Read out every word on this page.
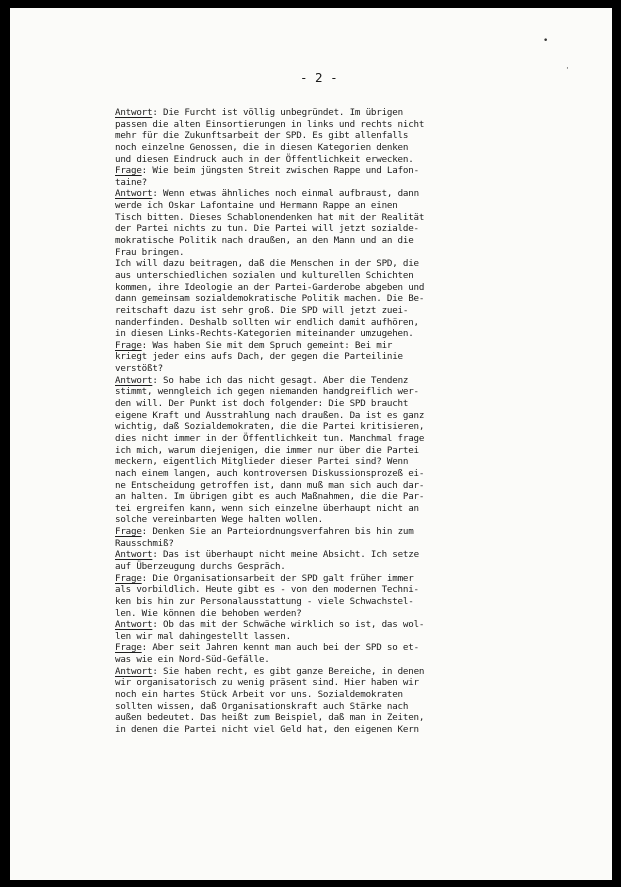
•
·
- 2 -
Antwort: Die Furcht ist völlig unbegründet. Im übrigen
passen die alten Einsortierungen in links und rechts nicht
mehr für die Zukunftsarbeit der SPD. Es gibt allenfalls
noch einzelne Genossen, die in diesen Kategorien denken
und diesen Eindruck auch in der Öffentlichkeit erwecken.
Frage: Wie beim jüngsten Streit zwischen Rappe und Lafon-
taine?
Antwort: Wenn etwas ähnliches noch einmal aufbraust, dann
werde ich Oskar Lafontaine und Hermann Rappe an einen
Tisch bitten. Dieses Schablonendenken hat mit der Realität
der Partei nichts zu tun. Die Partei will jetzt sozialde-
mokratische Politik nach draußen, an den Mann und an die
Frau bringen.
Ich will dazu beitragen, daß die Menschen in der SPD, die
aus unterschiedlichen sozialen und kulturellen Schichten
kommen, ihre Ideologie an der Partei-Garderobe abgeben und
dann gemeinsam sozialdemokratische Politik machen. Die Be-
reitschaft dazu ist sehr groß. Die SPD will jetzt zuei-
nanderfinden. Deshalb sollten wir endlich damit aufhören,
in diesen Links-Rechts-Kategorien miteinander umzugehen.
Frage: Was haben Sie mit dem Spruch gemeint: Bei mir
kriegt jeder eins aufs Dach, der gegen die Parteilinie
verstößt?
Antwort: So habe ich das nicht gesagt. Aber die Tendenz
stimmt, wenngleich ich gegen niemanden handgreiflich wer-
den will. Der Punkt ist doch folgender: Die SPD braucht
eigene Kraft und Ausstrahlung nach draußen. Da ist es ganz
wichtig, daß Sozialdemokraten, die die Partei kritisieren,
dies nicht immer in der Öffentlichkeit tun. Manchmal frage
ich mich, warum diejenigen, die immer nur über die Partei
meckern, eigentlich Mitglieder dieser Partei sind? Wenn
nach einem langen, auch kontroversen Diskussionsprozeß ei-
ne Entscheidung getroffen ist, dann muß man sich auch dar-
an halten. Im übrigen gibt es auch Maßnahmen, die die Par-
tei ergreifen kann, wenn sich einzelne überhaupt nicht an
solche vereinbarten Wege halten wollen.
Frage: Denken Sie an Parteiordnungsverfahren bis hin zum
Rausschmiß?
Antwort: Das ist überhaupt nicht meine Absicht. Ich setze
auf Überzeugung durchs Gespräch.
Frage: Die Organisationsarbeit der SPD galt früher immer
als vorbildlich. Heute gibt es - von den modernen Techni-
ken bis hin zur Personalausstattung - viele Schwachstel-
len. Wie können die behoben werden?
Antwort: Ob das mit der Schwäche wirklich so ist, das wol-
len wir mal dahingestellt lassen.
Frage: Aber seit Jahren kennt man auch bei der SPD so et-
was wie ein Nord-Süd-Gefälle.
Antwort: Sie haben recht, es gibt ganze Bereiche, in denen
wir organisatorisch zu wenig präsent sind. Hier haben wir
noch ein hartes Stück Arbeit vor uns. Sozialdemokraten
sollten wissen, daß Organisationskraft auch Stärke nach
außen bedeutet. Das heißt zum Beispiel, daß man in Zeiten,
in denen die Partei nicht viel Geld hat, den eigenen Kern
